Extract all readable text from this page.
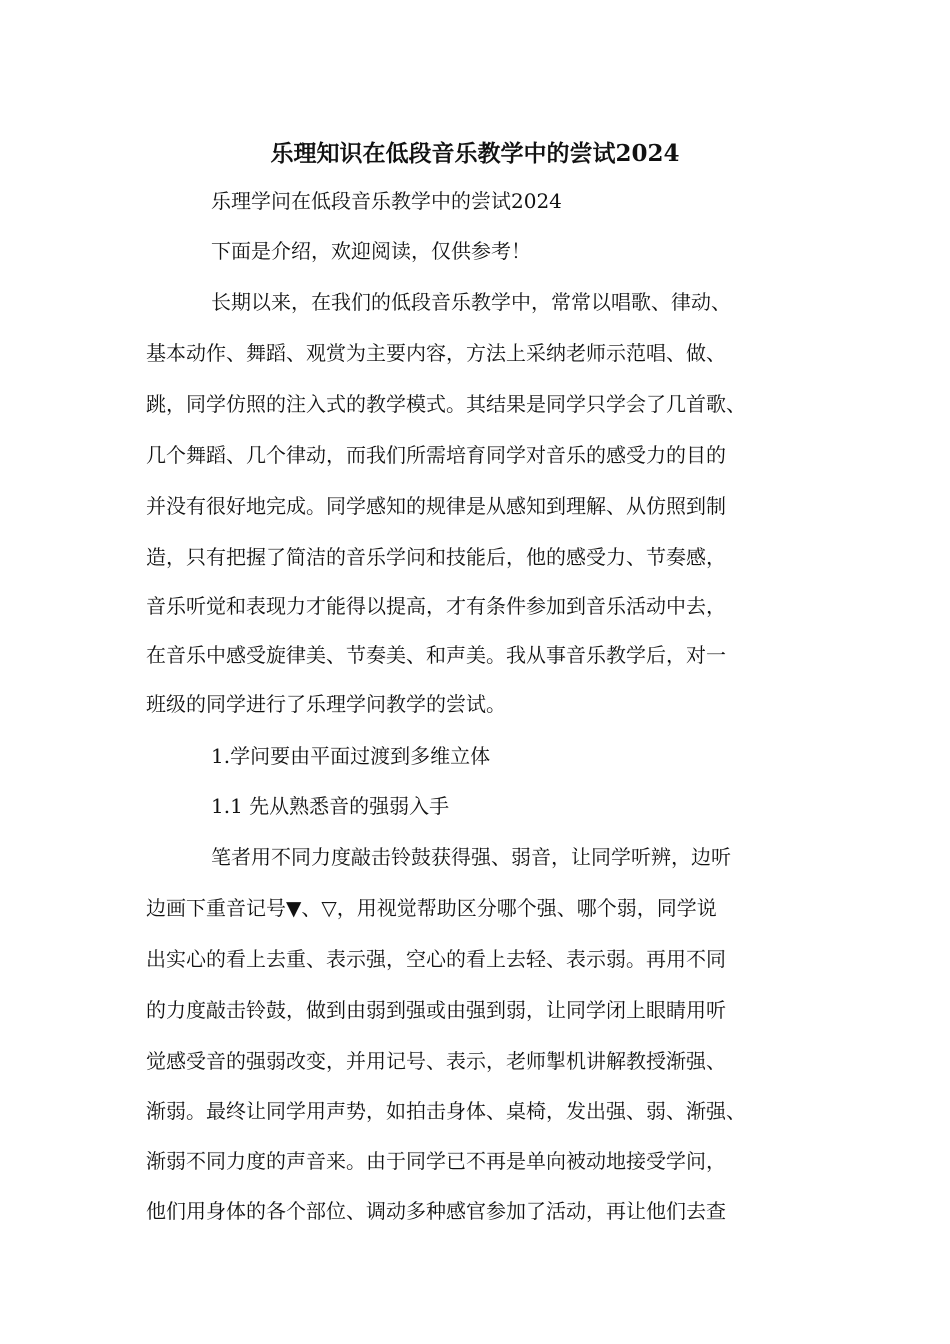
乐理知识在低段音乐教学中的尝试2024
乐理学问在低段音乐教学中的尝试2024
下面是介绍，欢迎阅读，仅供参考！
长期以来，在我们的低段音乐教学中，常常以唱歌、律动、
基本动作、舞蹈、观赏为主要内容，方法上采纳老师示范唱、做、
跳，同学仿照的注入式的教学模式。其结果是同学只学会了几首歌、
几个舞蹈、几个律动，而我们所需培育同学对音乐的感受力的目的
并没有很好地完成。同学感知的规律是从感知到理解、从仿照到制
造，只有把握了简洁的音乐学问和技能后，他的感受力、节奏感，
音乐听觉和表现力才能得以提高，才有条件参加到音乐活动中去，
在音乐中感受旋律美、节奏美、和声美。我从事音乐教学后，对一
班级的同学进行了乐理学问教学的尝试。
1.学问要由平面过渡到多维立体
1.1 先从熟悉音的强弱入手
笔者用不同力度敲击铃鼓获得强、弱音，让同学听辨，边听
边画下重音记号▼、▽，用视觉帮助区分哪个强、哪个弱，同学说
出实心的看上去重、表示强，空心的看上去轻、表示弱。再用不同
的力度敲击铃鼓，做到由弱到强或由强到弱，让同学闭上眼睛用听
觉感受音的强弱改变，并用记号、表示，老师掣机讲解教授渐强、
渐弱。最终让同学用声势，如拍击身体、桌椅，发出强、弱、渐强、
渐弱不同力度的声音来。由于同学已不再是单向被动地接受学问，
他们用身体的各个部位、调动多种感官参加了活动，再让他们去查
